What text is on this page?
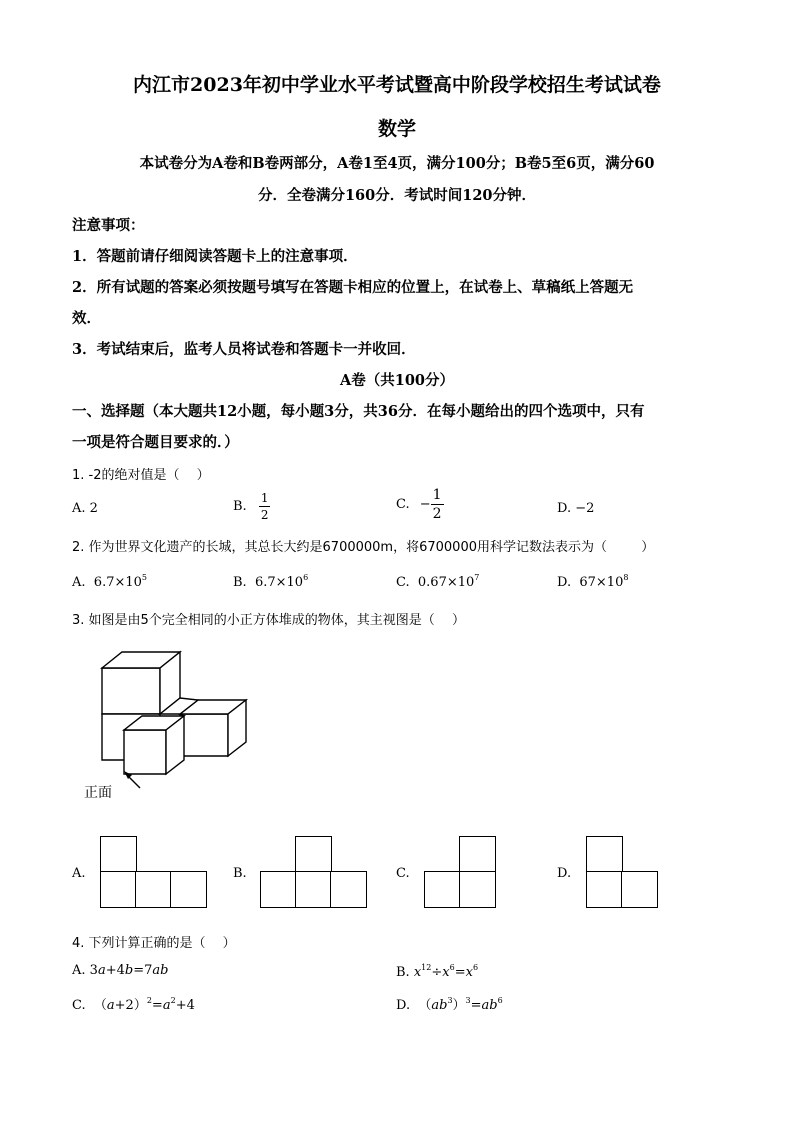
内江市2023年初中学业水平考试暨高中阶段学校招生考试试卷
数学
本试卷分为A卷和B卷两部分，A卷1至4页，满分100分；B卷5至6页，满分60
分．全卷满分160分．考试时间120分钟．
注意事项：
1．答题前请仔细阅读答题卡上的注意事项．
2．所有试题的答案必须按题号填写在答题卡相应的位置上，在试卷上、草稿纸上答题无
效．
3．考试结束后，监考人员将试卷和答题卡一并收回．
A卷（共100分）
一、选择题（本大题共12小题，每小题3分，共36分．在每小题给出的四个选项中，只有
一项是符合题目要求的．）
1. -2的绝对值是（　 ）
A. 2	B. $\frac{1}{2}$	C. − $\frac{1}{2}$	D. −2
2. 作为世界文化遗产的长城，其总长大约是6700000m，将6700000用科学记数法表示为（　 　 ）
A. $6.7\times 10^5$	B. $6.7\times 10^6$	C. $0.67\times 10^7$	D. $67\times 10^8$
3. 如图是由5个完全相同的小正方体堆成的物体，其主视图是（　 ）
正面
A.	B.	C.	D.
4. 下列计算正确的是（　 ）
A. 3a+4b=7ab	B. $x^{12}\div x^6=x^6$
C.  $(a+2)^2=a^2+4$	D.  $(ab^3)^3=ab^6$
